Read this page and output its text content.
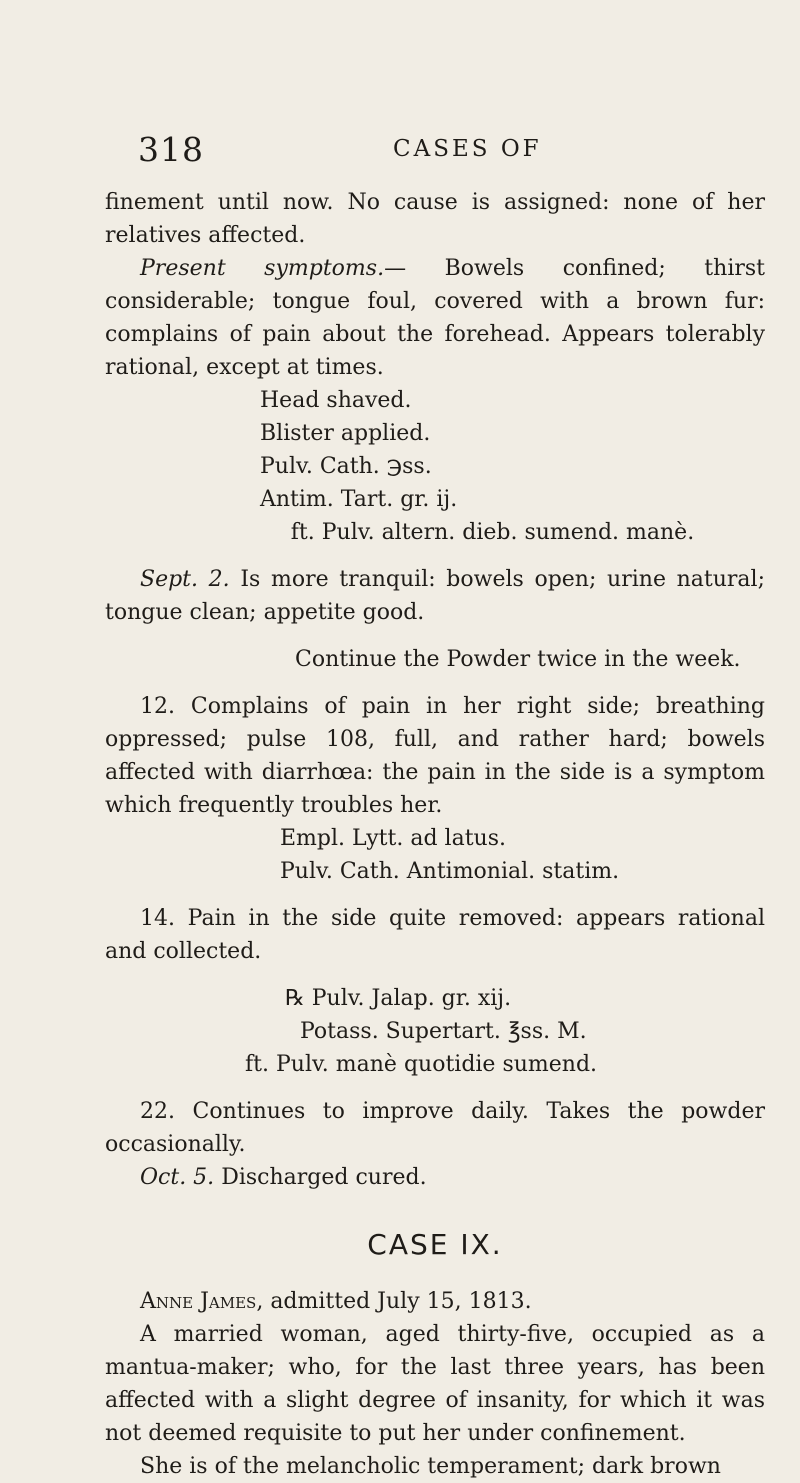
318	CASES OF

finement until now. No cause is assigned: none of her relatives affected.

Present symptoms.— Bowels confined; thirst considerable; tongue foul, covered with a brown fur: complains of pain about the forehead. Appears tolerably rational, except at times.

Head shaved.
Blister applied.
Pulv. Cath. ℈ss.
Antim. Tart. gr. ij.
ft. Pulv. altern. dieb. sumend. manè.

Sept. 2. Is more tranquil: bowels open; urine natural; tongue clean; appetite good.

Continue the Powder twice in the week.

12. Complains of pain in her right side; breathing oppressed; pulse 108, full, and rather hard; bowels affected with diarrhœa: the pain in the side is a symptom which frequently troubles her.

Empl. Lytt. ad latus.
Pulv. Cath. Antimonial. statim.

14. Pain in the side quite removed: appears rational and collected.

℞ Pulv. Jalap. gr. xij.
Potass. Supertart. ℥ss. M.
ft. Pulv. manè quotidie sumend.

22. Continues to improve daily. Takes the powder occasionally.

Oct. 5. Discharged cured.

CASE IX.

Anne James, admitted July 15, 1813.

A married woman, aged thirty-five, occupied as a mantua-maker; who, for the last three years, has been affected with a slight degree of insanity, for which it was not deemed requisite to put her under confinement.

She is of the melancholic temperament; dark brown
